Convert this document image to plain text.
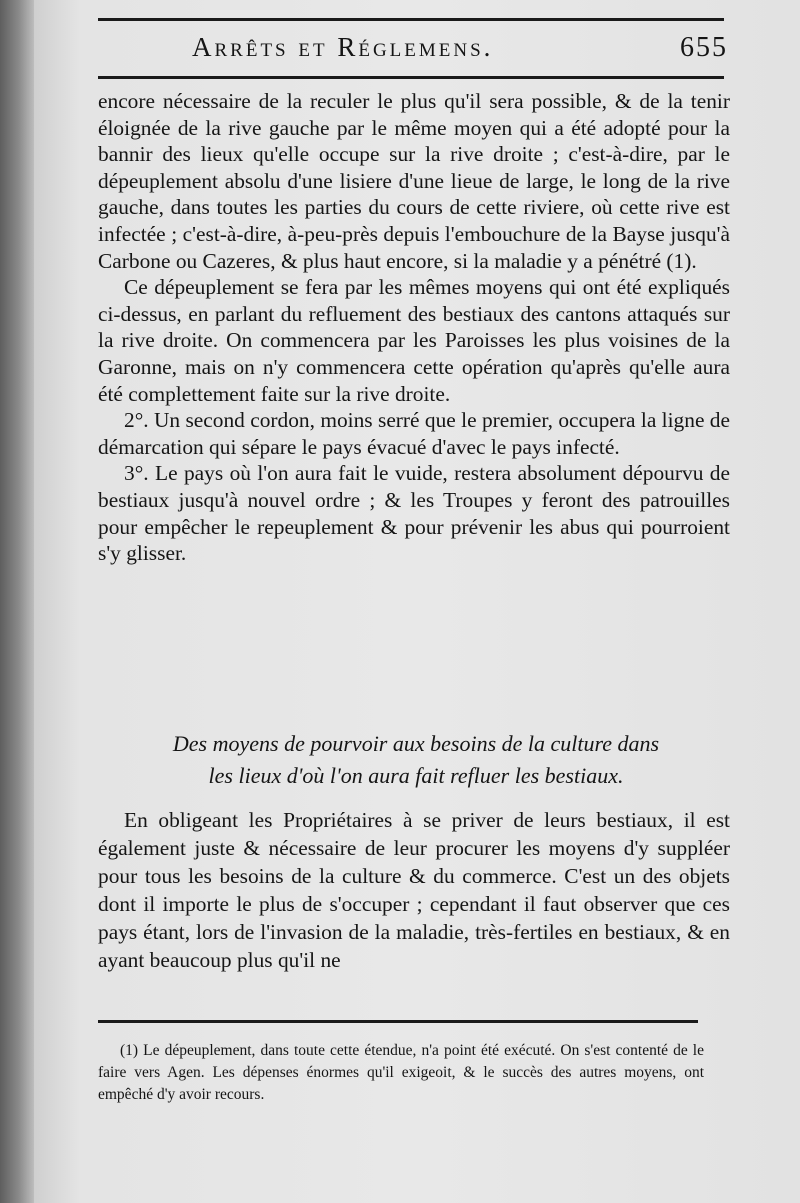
Arrêts et Réglemens.	655

encore nécessaire de la reculer le plus qu'il sera possible, & de la tenir éloignée de la rive gauche par le même moyen qui a été adopté pour la bannir des lieux qu'elle occupe sur la rive droite ; c'est-à-dire, par le dépeuplement absolu d'une lisiere d'une lieue de large, le long de la rive gauche, dans toutes les parties du cours de cette riviere, où cette rive est infectée ; c'est-à-dire, à-peu-près depuis l'embouchure de la Bayse jusqu'à Carbone ou Cazeres, & plus haut encore, si la maladie y a pénétré (1).

Ce dépeuplement se fera par les mêmes moyens qui ont été expliqués ci-dessus, en parlant du refluement des bestiaux des cantons attaqués sur la rive droite. On commencera par les Paroisses les plus voisines de la Garonne, mais on n'y commencera cette opération qu'après qu'elle aura été complettement faite sur la rive droite.

2°. Un second cordon, moins serré que le premier, occupera la ligne de démarcation qui sépare le pays évacué d'avec le pays infecté.

3°. Le pays où l'on aura fait le vuide, restera absolument dépourvu de bestiaux jusqu'à nouvel ordre ; & les Troupes y feront des patrouilles pour empêcher le repeuplement & pour prévenir les abus qui pourroient s'y glisser.

Des moyens de pourvoir aux besoins de la culture dans
les lieux d'où l'on aura fait refluer les bestiaux.

En obligeant les Propriétaires à se priver de leurs bestiaux, il est également juste & nécessaire de leur procurer les moyens d'y suppléer pour tous les besoins de la culture & du commerce. C'est un des objets dont il importe le plus de s'occuper ; cependant il faut observer que ces pays étant, lors de l'invasion de la maladie, très-fertiles en bestiaux, & en ayant beaucoup plus qu'il ne

(1) Le dépeuplement, dans toute cette étendue, n'a point été exécuté. On s'est contenté de le faire vers Agen. Les dépenses énormes qu'il exigeoit, & le succès des autres moyens, ont empêché d'y avoir recours.
